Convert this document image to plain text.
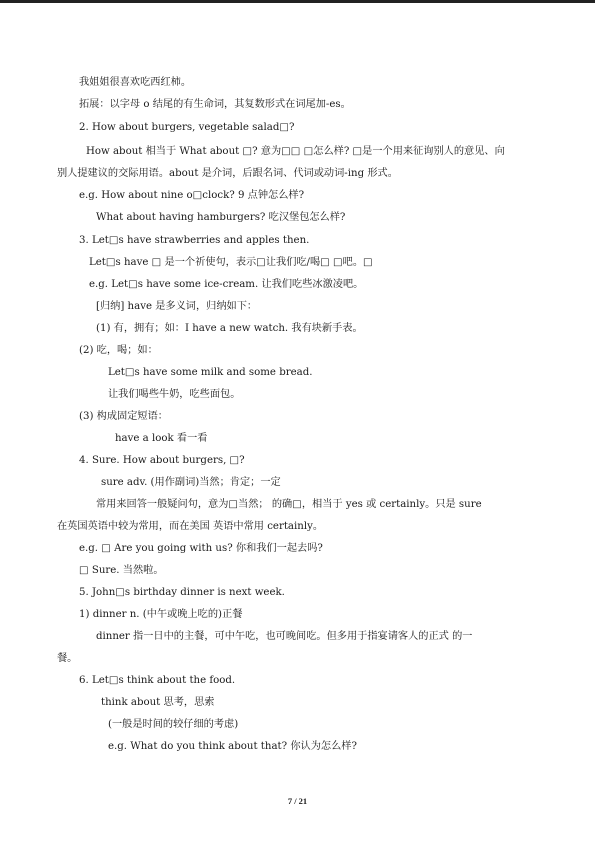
我姐姐很喜欢吃西红柿。
拓展：以字母 o 结尾的有生命词，其复数形式在词尾加-es。
2. How about burgers, vegetable salad□?
How about 相当于 What about □? 意为□□ □怎么样? □是一个用来征询别人的意见、向
别人提建议的交际用语。about 是介词，后跟名词、代词或动词-ing 形式。
e.g. How about nine o□clock? 9 点钟怎么样?
What about having hamburgers? 吃汉堡包怎么样?
3. Let□s have strawberries and apples then.
Let□s have □ 是一个祈使句，表示□让我们吃/喝□ □吧。□
e.g. Let□s have some ice-cream. 让我们吃些冰激凌吧。
[归纳] have 是多义词，归纳如下：
(1) 有，拥有；如：I have a new watch. 我有块新手表。
(2) 吃，喝；如：
Let□s have some milk and some bread.
让我们喝些牛奶，吃些面包。
(3) 构成固定短语：
have a look 看一看
4. Sure. How about burgers, □?
sure adv. (用作副词)当然；肯定；一定
常用来回答一般疑问句，意为□当然； 的确□，相当于 yes 或 certainly。只是 sure
在英国英语中较为常用，而在美国 英语中常用 certainly。
e.g. □ Are you going with us? 你和我们一起去吗?
□ Sure. 当然啦。
5. John□s birthday dinner is next week.
1) dinner n. (中午或晚上吃的)正餐
dinner 指一日中的主餐，可中午吃，也可晚间吃。但多用于指宴请客人的正式 的一
餐。
6. Let□s think about the food.
think about 思考，思索
(一般是时间的较仔细的考虑)
e.g. What do you think about that? 你认为怎么样?
7 / 21
